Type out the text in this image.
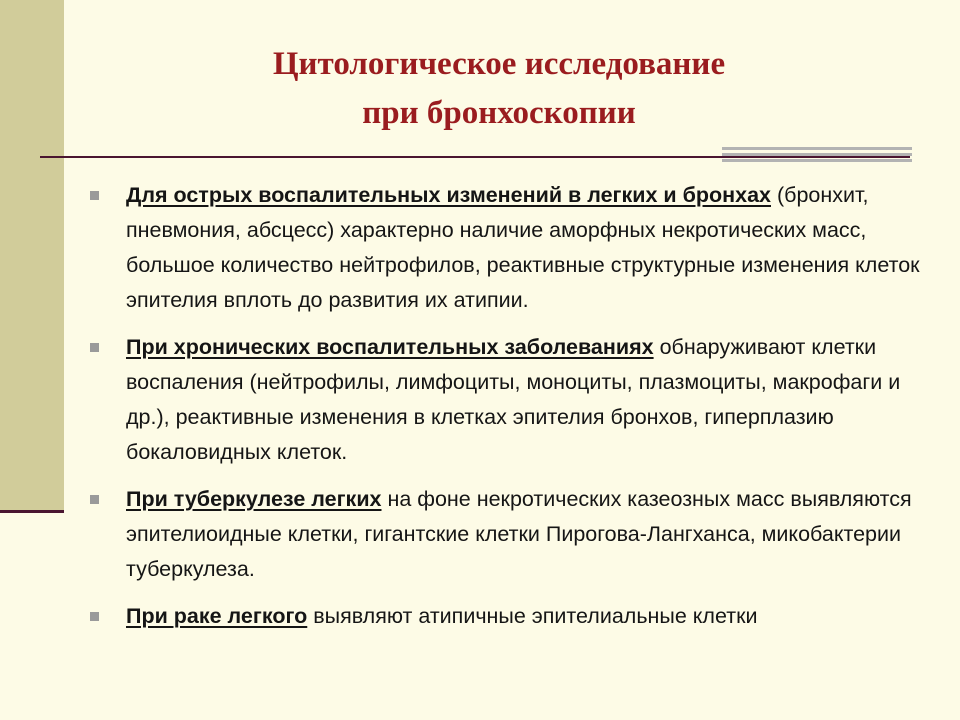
Цитологическое исследование
при бронхоскопии
Для острых воспалительных изменений в легких и бронхах (бронхит, пневмония, абсцесс) характерно наличие аморфных некротических масс, большое количество нейтрофилов, реактивные структурные изменения клеток эпителия вплоть до развития их атипии.
При хронических воспалительных заболеваниях обнаруживают клетки воспаления (нейтрофилы, лимфоциты, моноциты, плазмоциты, макрофаги и др.), реактивные изменения в клетках эпителия бронхов, гиперплазию бокаловидных клеток.
При туберкулезе легких на фоне некротических казеозных масс выявляются эпителиоидные клетки, гигантские клетки Пирогова-Лангханса, микобактерии туберкулеза.
При раке легкого выявляют атипичные эпителиальные клетки
